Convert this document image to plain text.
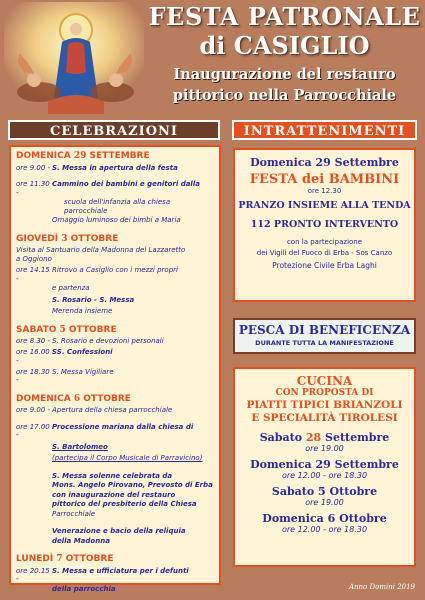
FESTA PATRONALE
di CASIGLIO
Inaugurazione del restauro
pittorico nella Parrocchiale
CELEBRAZIONI	INTRATTENIMENTI
DOMENICA 29 SETTEMBRE
ore 9.00 - S. Messa in apertura della festa
ore 11.30 -
Cammino dei bambini e genitori dalla
scuola dell'infanzia alla chiesa parrocchiale
Omaggio luminoso dei bimbi a Maria
GIOVEDÌ 3 OTTOBRE
Visita al Santuario della Madonna del Lazzaretto
a Oggiono
ore 14.15 -
Ritrovo a Casiglio con i mezzi propri
e partenza
S. Rosario - S. Messa
Merenda insieme
SABATO 5 OTTOBRE
ore 8.30 - S. Rosario e devozioni personali
ore 16.00 -
SS. Confessioni
ore 18.30 -
S. Messa Vigiliare
DOMENICA 6 OTTOBRE
ore 9.00 - Apertura della chiesa parrocchiale
ore 17.00 -
Processione mariana dalla chiesa di
S. Bartolomeo
(partecipa il Corpo Musicale di Parravicino)
S. Messa solenne celebrata da
Mons. Angelo Pirovano, Prevosto di Erba
con inaugurazione del restauro
pittorico del presbiterio della Chiesa
Parrocchiale
Venerazione e bacio della reliquia
della Madonna
LUNEDÌ 7 OTTOBRE
ore 20.15 -
S. Messa e ufficiatura per i defunti
della parrocchia
Domenica 29 Settembre
FESTA dei BAMBINI
ore 12.30
PRANZO INSIEME ALLA TENDA
112 PRONTO INTERVENTO
con la partecipazione
dei Vigili del Fuoco di Erba - Sos Canzo
Protezione Civile Erba Laghi
PESCA DI BENEFICENZA
DURANTE TUTTA LA MANIFESTAZIONE
CUCINA
CON PROPOSTA DI
PIATTI TIPICI BRIANZOLI
E SPECIALITÀ TIROLESI
Sabato 28 Settembre
ore 19.00
Domenica 29 Settembre
ore 12.00 - ore 18.30
Sabato 5 Ottobre
ore 19.00
Domenica 6 Ottobre
ore 12.00 - ore 18.30
Anno Domini 2019
